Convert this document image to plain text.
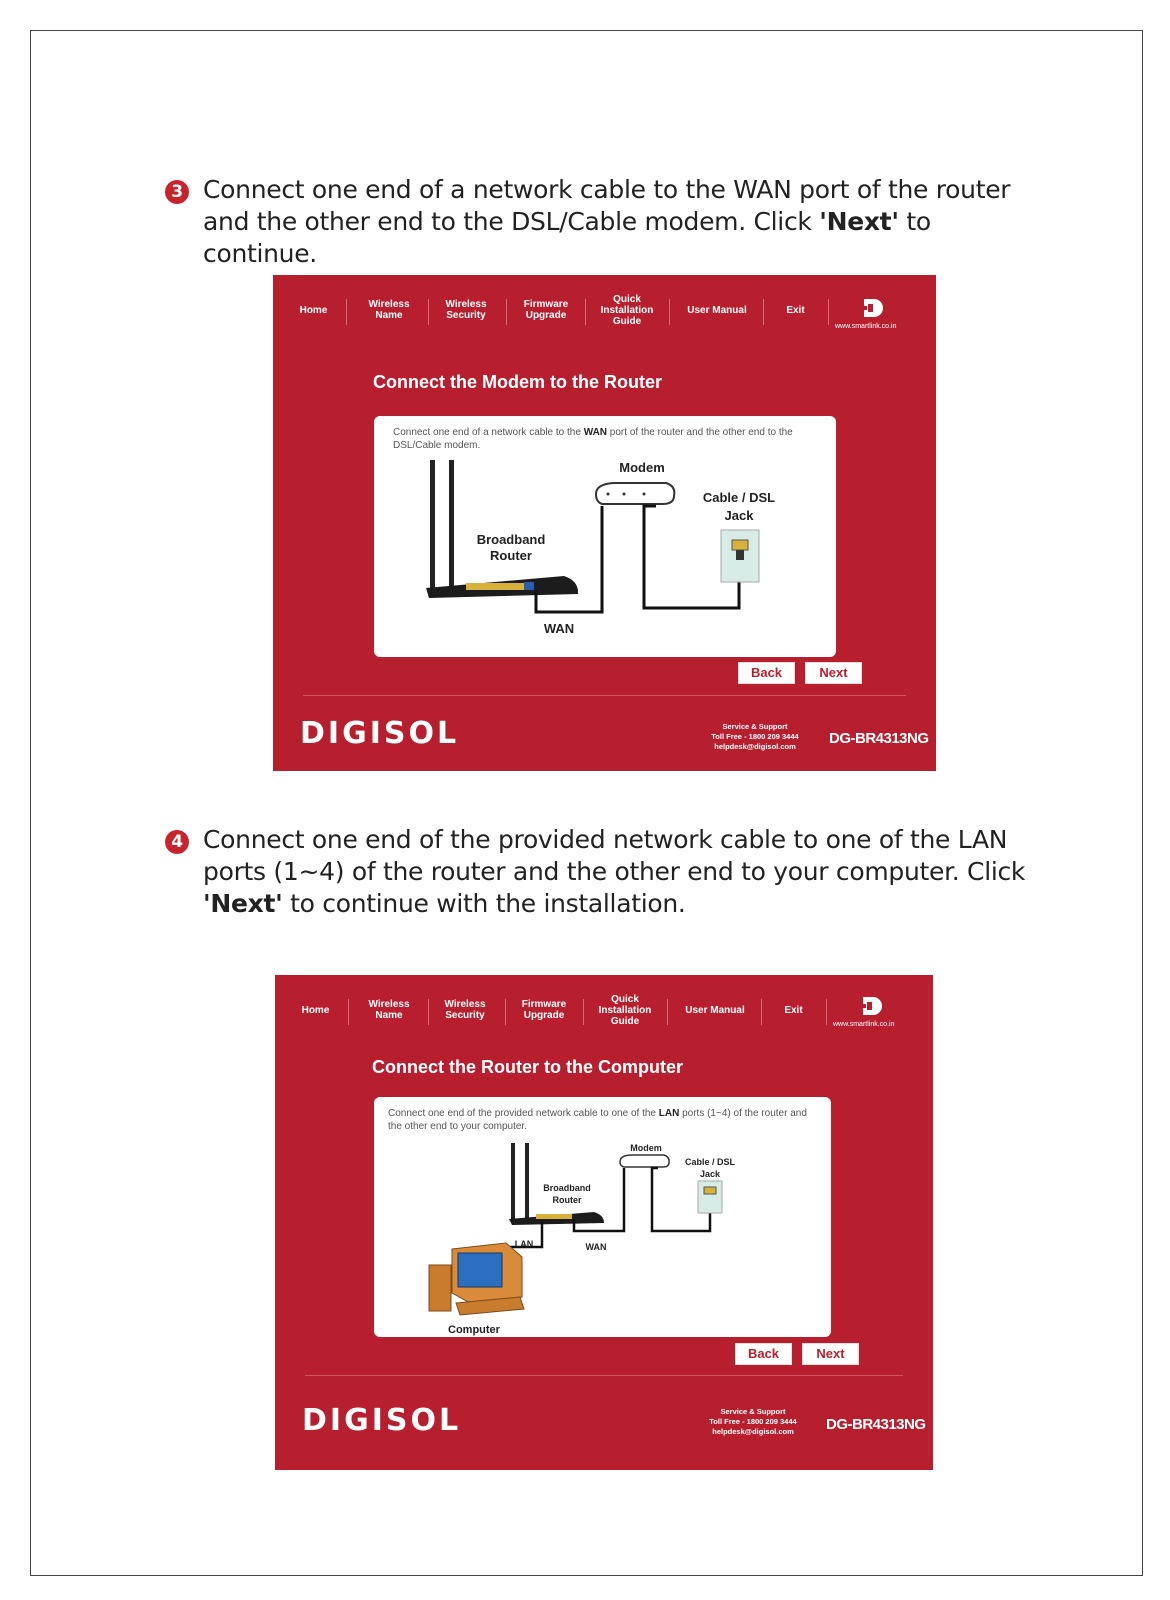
3 Connect one end of a network cable to the WAN port of the router and the other end to the DSL/Cable modem. Click 'Next' to continue.
Home	Wireless
Name
Wireless
Security
Firmware
Upgrade
Quick
Installation
Guide
User Manual	Exit
www.smartlink.co.in
Connect the Modem to the Router
Connect one end of a network cable to the WAN port of the router and the other end to the DSL/Cable modem.
Broadband
Router
Modem
WAN
Cable / DSL
Jack
Back	Next
DIGISOL	Service & Support
Toll Free - 1800 209 3444
helpdesk@digisol.com	DG-BR4313NG
4 Connect one end of the provided network cable to one of the LAN ports (1~4) of the router and the other end to your computer. Click 'Next' to continue with the installation.
Home	Wireless
Name
Wireless
Security
Firmware
Upgrade
Quick
Installation
Guide
User Manual	Exit
www.smartlink.co.in
Connect the Router to the Computer
Connect one end of the provided network cable to one of the LAN ports (1~4) of the router and the other end to your computer.
Broadband
Router
Modem
LAN	WAN
Cable / DSL
Jack
Computer
Back	Next
DIGISOL	Service & Support
Toll Free - 1800 209 3444
helpdesk@digisol.com	DG-BR4313NG
